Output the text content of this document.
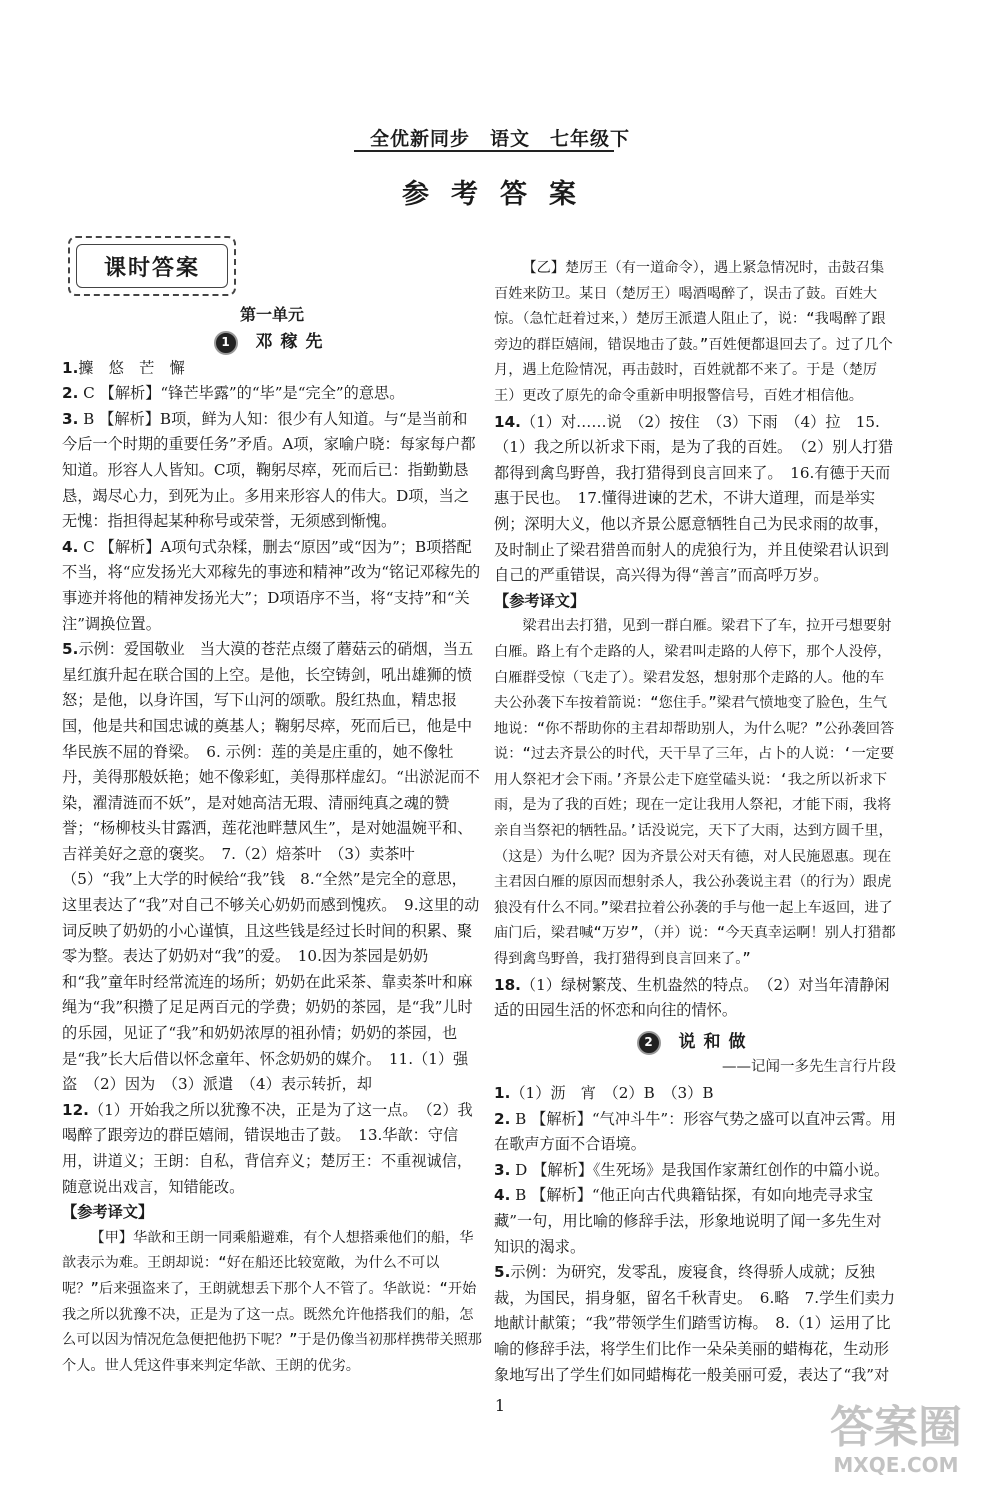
全优新同步　语文　七年级下
参考答案
课时答案
第一单元
1	邓稼先

1.攈　悠　芒　懈

2. C 【解析】“锋芒毕露”的“毕”是“完全”的意思。

3. B 【解析】B项，鲜为人知：很少有人知道。与“是当前和今后一个时期的重要任务”矛盾。A项，家喻户晓：每家每户都知道。形容人人皆知。C项，鞠躬尽瘁，死而后已：指勤勤恳恳，竭尽心力，到死为止。多用来形容人的伟大。D项，当之无愧：指担得起某种称号或荣誉，无须感到惭愧。

4. C 【解析】A项句式杂糅，删去“原因”或“因为”；B项搭配不当，将“应发扬光大邓稼先的事迹和精神”改为“铭记邓稼先的事迹并将他的精神发扬光大”；D项语序不当，将“支持”和“关注”调换位置。

5.示例：爱国敬业　当大漠的苍茫点缀了蘑菇云的硝烟，当五星红旗升起在联合国的上空。是他，长空铸剑，吼出雄狮的愤怒；是他，以身许国，写下山河的颂歌。殷红热血，精忠报国，他是共和国忠诚的奠基人；鞠躬尽瘁，死而后已，他是中华民族不屈的脊梁。　6. 示例：莲的美是庄重的，她不像牡丹，美得那般妖艳；她不像彩虹，美得那样虚幻。“出淤泥而不染，濯清涟而不妖”，是对她高洁无瑕、清丽纯真之魂的赞誉；“杨柳枝头甘露洒，莲花池畔慧风生”，是对她温婉平和、吉祥美好之意的褒奖。　7.（2）焙茶叶　（3）卖茶叶（5）“我”上大学的时候给“我”钱　8.“全然”是完全的意思，这里表达了“我”对自己不够关心奶奶而感到愧疚。　9.这里的动词反映了奶奶的小心谨慎，且这些钱是经过长时间的积累、聚零为整。表达了奶奶对“我”的爱。　10.因为茶园是奶奶和“我”童年时经常流连的场所；奶奶在此采茶、靠卖茶叶和麻绳为“我”积攒了足足两百元的学费；奶奶的茶园，是“我”儿时的乐园，见证了“我”和奶奶浓厚的祖孙情；奶奶的茶园，也是“我”长大后借以怀念童年、怀念奶奶的媒介。　11.（1）强盗　（2）因为　（3）派遣　（4）表示转折，却

12.（1）开始我之所以犹豫不决，正是为了这一点。　（2）我喝醉了跟旁边的群臣嬉闹，错误地击了鼓。　13.华歆：守信用，讲道义；王朗：自私，背信弃义；楚厉王：不重视诚信，随意说出戏言，知错能改。

【参考译文】

【甲】华歆和王朗一同乘船避难，有个人想搭乘他们的船，华歆表示为难。王朗却说：“好在船还比较宽敞，为什么不可以呢？”后来强盗来了，王朗就想丢下那个人不管了。华歆说：“开始我之所以犹豫不决，正是为了这一点。既然允许他搭我们的船，怎么可以因为情况危急便把他扔下呢？”于是仍像当初那样携带关照那个人。世人凭这件事来判定华歆、王朗的优劣。

【乙】楚厉王（有一道命令），遇上紧急情况时，击鼓召集百姓来防卫。某日（楚厉王）喝酒喝醉了，误击了鼓。百姓大惊。（急忙赶着过来，）楚厉王派遣人阻止了，说：“我喝醉了跟旁边的群臣嬉闹，错误地击了鼓。”百姓便都退回去了。过了几个月，遇上危险情况，再击鼓时，百姓就都不来了。于是（楚厉王）更改了原先的命令重新申明报警信号，百姓才相信他。

14.（1）对……说　（2）按住　（3）下雨　（4）拉　15.（1）我之所以祈求下雨，是为了我的百姓。　（2）别人打猎都得到禽鸟野兽，我打猎得到良言回来了。　16.有德于天而惠于民也。　17.懂得进谏的艺术，不讲大道理，而是举实例；深明大义，他以齐景公愿意牺牲自己为民求雨的故事，及时制止了梁君猎兽而射人的虎狼行为，并且使梁君认识到自己的严重错误，高兴得为得“善言”而高呼万岁。

【参考译文】

梁君出去打猎，见到一群白雁。梁君下了车，拉开弓想要射白雁。路上有个走路的人，梁君叫走路的人停下，那个人没停，白雁群受惊（飞走了）。梁君发怒，想射那个走路的人。他的车夫公孙袭下车按着箭说：“您住手。”梁君气愤地变了脸色，生气地说：“你不帮助你的主君却帮助别人，为什么呢？”公孙袭回答说：“过去齐景公的时代，天干旱了三年，占卜的人说：‘一定要用人祭祀才会下雨。’齐景公走下庭堂磕头说：‘我之所以祈求下雨，是为了我的百姓；现在一定让我用人祭祀，才能下雨，我将亲自当祭祀的牺牲品。’话没说完，天下了大雨，达到方圆千里，（这是）为什么呢？因为齐景公对天有德，对人民施恩惠。现在主君因白雁的原因而想射杀人，我公孙袭说主君（的行为）跟虎狼没有什么不同。”梁君拉着公孙袭的手与他一起上车返回，进了庙门后，梁君喊“万岁”，（并）说：“今天真幸运啊！别人打猎都得到禽鸟野兽，我打猎得到良言回来了。”

18.（1）绿树繁茂、生机盎然的特点。　（2）对当年清静闲适的田园生活的怀恋和向往的情怀。

2	说和做

——记闻一多先生言行片段

1.（1）沥　宵　（2）B　（3）B

2. B 【解析】“气冲斗牛”：形容气势之盛可以直冲云霄。用在歌声方面不合语境。

3. D 【解析】《生死场》是我国作家萧红创作的中篇小说。

4. B 【解析】“他正向古代典籍钻探，有如向地壳寻求宝藏”一句，用比喻的修辞手法，形象地说明了闻一多先生对知识的渴求。

5.示例：为研究，发零乱，废寝食，终得骄人成就；反独裁，为国民，捐身躯，留名千秋青史。　6.略　7.学生们卖力地献计献策；“我”带领学生们踏雪访梅。　8.（1）运用了比喻的修辞手法，将学生们比作一朵朵美丽的蜡梅花，生动形象地写出了学生们如同蜡梅花一般美丽可爱，表达了“我”对

1	答案圈
MXQE.COM
